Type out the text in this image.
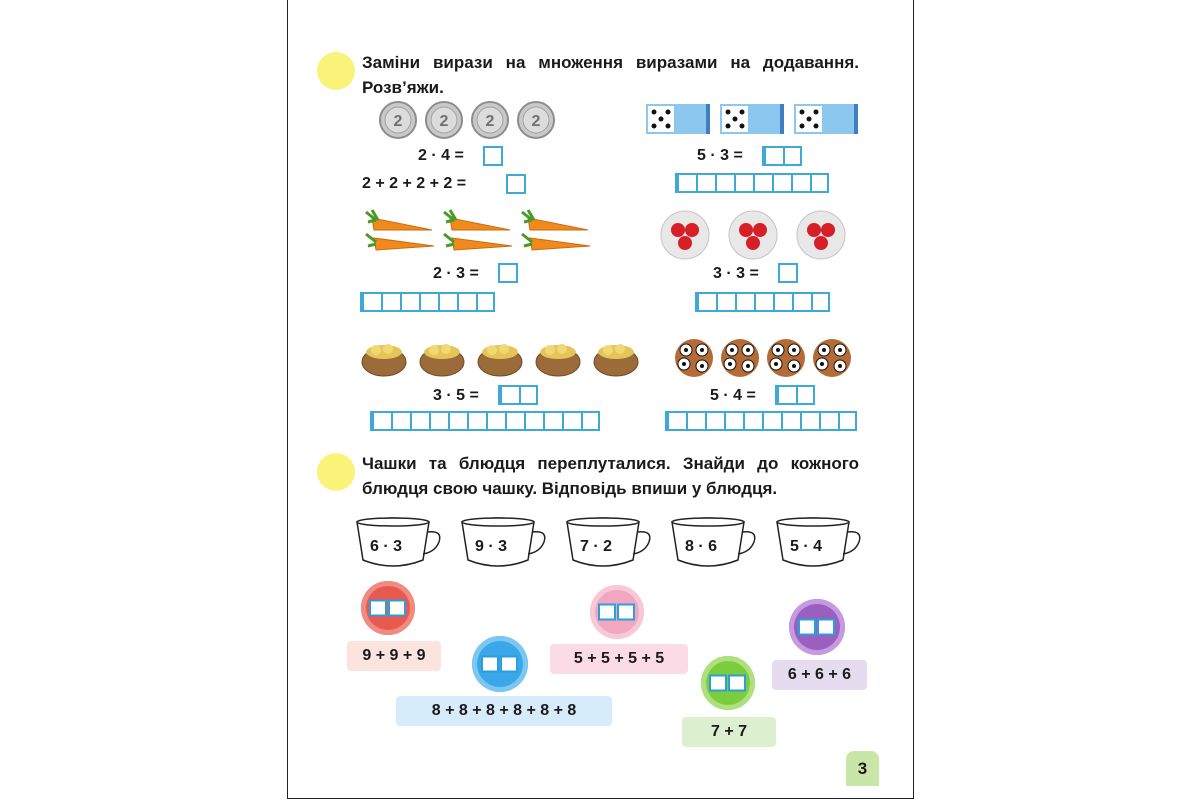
Заміни вирази на множення виразами на додавання. Розв’яжи.
2 2 2 2
2 · 4 =
2 + 2 + 2 + 2 =
5 · 3 =
2 · 3 =	3 · 3 =
3 · 5 =	5 · 4 =
Чашки та блюдця переплуталися. Знайди до кожного блюдця свою чашку. Відповідь впиши у блюдця.
6 · 3	9 · 3	7 · 2	8 · 6	5 · 4
9 + 9 + 9
8 + 8 + 8 + 8 + 8 + 8
5 + 5 + 5 + 5
7 + 7
6 + 6 + 6
3
